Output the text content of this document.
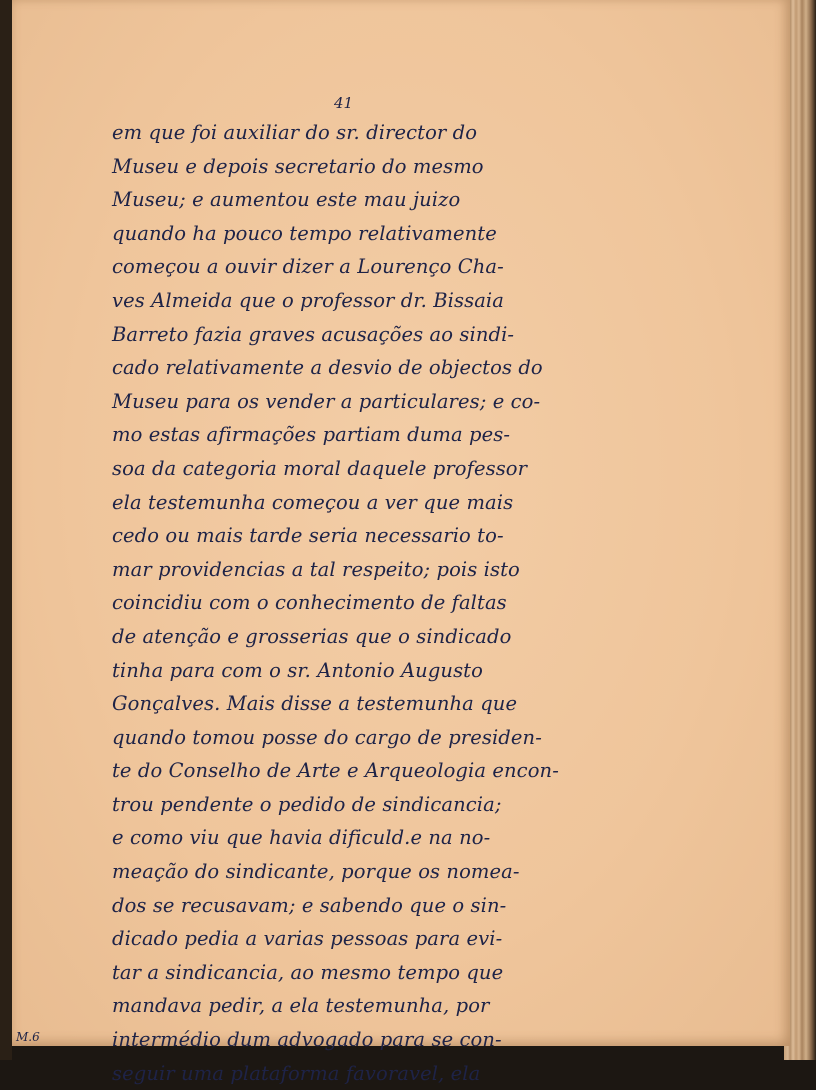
41
em que foi auxiliar do sr. director do
Museu e depois secretario do mesmo
Museu; e aumentou este mau juizo
quando ha pouco tempo relativamente
começou a ouvir dizer a Lourenço Cha-
ves Almeida que o professor dr. Bissaia
Barreto fazia graves acusações ao sindi-
cado relativamente a desvio de objectos do
Museu para os vender a particulares; e co-
mo estas afirmações partiam duma pes-
soa da categoria moral daquele professor
ela testemunha começou a ver que mais
cedo ou mais tarde seria necessario to-
mar providencias a tal respeito; pois isto
coincidiu com o conhecimento de faltas
de atenção e grosserias que o sindicado
tinha para com o sr. Antonio Augusto
Gonçalves. Mais disse a testemunha que
quando tomou posse do cargo de presiden-
te do Conselho de Arte e Arqueologia encon-
trou pendente o pedido de sindicancia;
e como viu que havia dificuld.e na no-
meação do sindicante, porque os nomea-
dos se recusavam; e sabendo que o sin-
dicado pedia a varias pessoas para evi-
tar a sindicancia, ao mesmo tempo que
mandava pedir, a ela testemunha, por
intermédio dum advogado para se con-
seguir uma plataforma favoravel, ela
M.6
